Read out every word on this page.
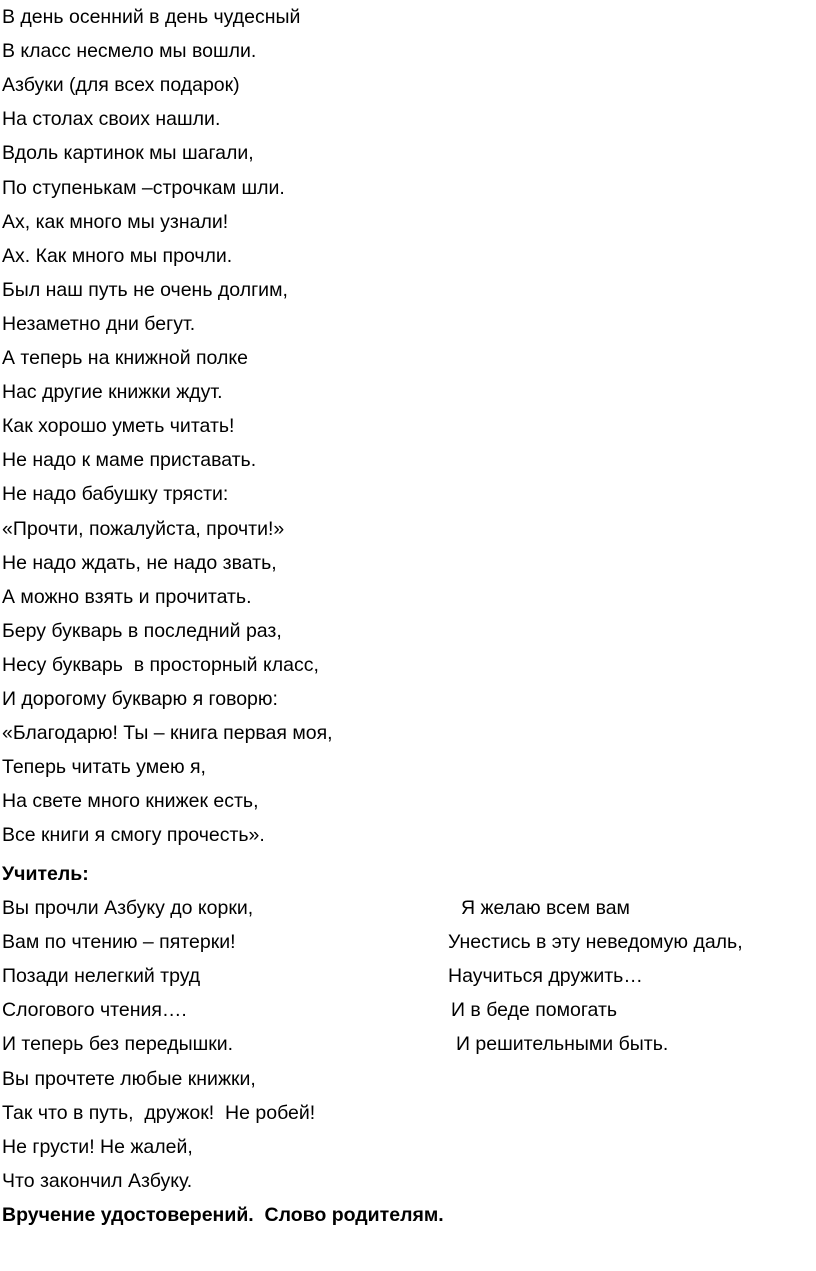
В день осенний в день чудесный
В класс несмело мы вошли.
Азбуки (для всех подарок)
На столах своих нашли.
Вдоль картинок мы шагали,
По ступенькам –строчкам шли.
Ах, как много мы узнали!
Ах. Как много мы прочли.
Был наш путь не очень долгим,
Незаметно дни бегут.
А теперь на книжной полке
Нас другие книжки ждут.
Как хорошо уметь читать!
Не надо к маме приставать.
Не надо бабушку трясти:
«Прочти, пожалуйста, прочти!»
Не надо ждать, не надо звать,
А можно взять и прочитать.
Беру букварь в последний раз,
Несу букварь  в просторный класс,
И дорогому букварю я говорю:
«Благодарю! Ты – книга первая моя,
Теперь читать умею я,
На свете много книжек есть,
Все книги я смогу прочесть».
Учитель:
Вы прочли Азбуку до корки,
Вам по чтению – пятерки!
Позади нелегкий труд
Слогового чтения….
И теперь без передышки.
Вы прочтете любые книжки,
Так что в путь,  дружок!  Не робей!
Не грусти! Не жалей,
Что закончил Азбуку.
Я желаю всем вам
Унестись в эту неведомую даль,
Научиться дружить…
И в беде помогать
И решительными быть.
Вручение удостоверений.  Слово родителям.
